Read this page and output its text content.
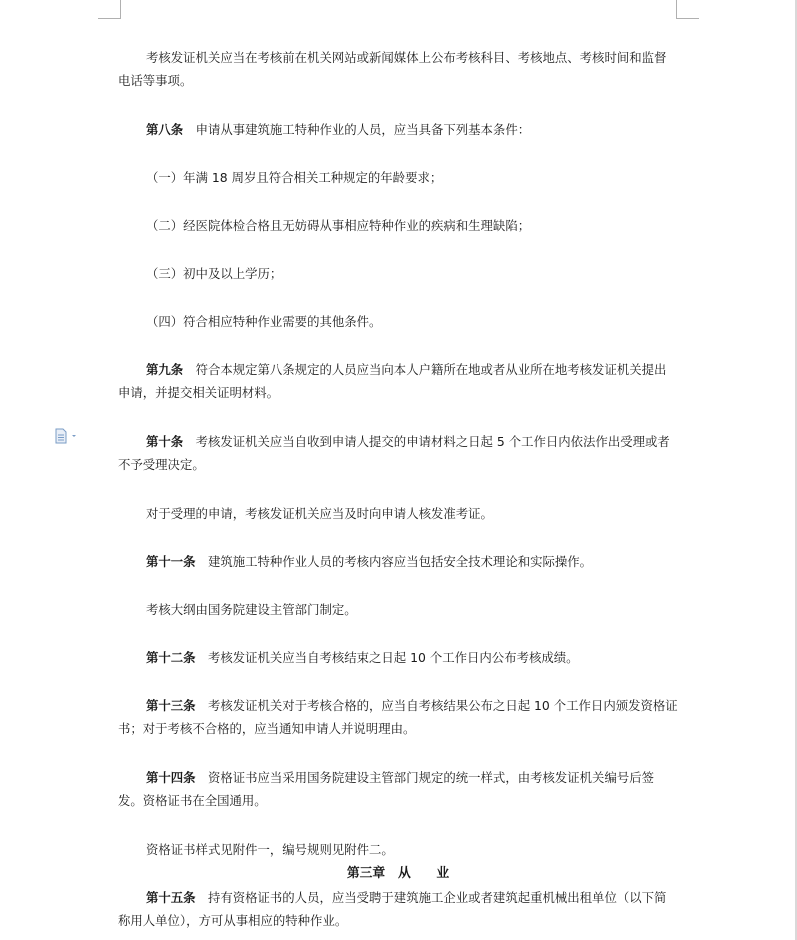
考核发证机关应当在考核前在机关网站或新闻媒体上公布考核科目、考核地点、考核时间和监督电话等事项。
第八条　 申请从事建筑施工特种作业的人员，应当具备下列基本条件：
（一）年满 18 周岁且符合相关工种规定的年龄要求；
（二）经医院体检合格且无妨碍从事相应特种作业的疾病和生理缺陷；
（三）初中及以上学历；
（四）符合相应特种作业需要的其他条件。
第九条　 符合本规定第八条规定的人员应当向本人户籍所在地或者从业所在地考核发证机关提出申请，并提交相关证明材料。
第十条　 考核发证机关应当自收到申请人提交的申请材料之日起 5 个工作日内依法作出受理或者不予受理决定。
对于受理的申请，考核发证机关应当及时向申请人核发准考证。
第十一条　 建筑施工特种作业人员的考核内容应当包括安全技术理论和实际操作。
考核大纲由国务院建设主管部门制定。
第十二条　 考核发证机关应当自考核结束之日起 10 个工作日内公布考核成绩。
第十三条　 考核发证机关对于考核合格的，应当自考核结果公布之日起 10 个工作日内颁发资格证书；对于考核不合格的，应当通知申请人并说明理由。
第十四条　 资格证书应当采用国务院建设主管部门规定的统一样式，由考核发证机关编号后签发。资格证书在全国通用。
资格证书样式见附件一，编号规则见附件二。
第三章　从　　业
第十五条　 持有资格证书的人员，应当受聘于建筑施工企业或者建筑起重机械出租单位（以下简称用人单位），方可从事相应的特种作业。
